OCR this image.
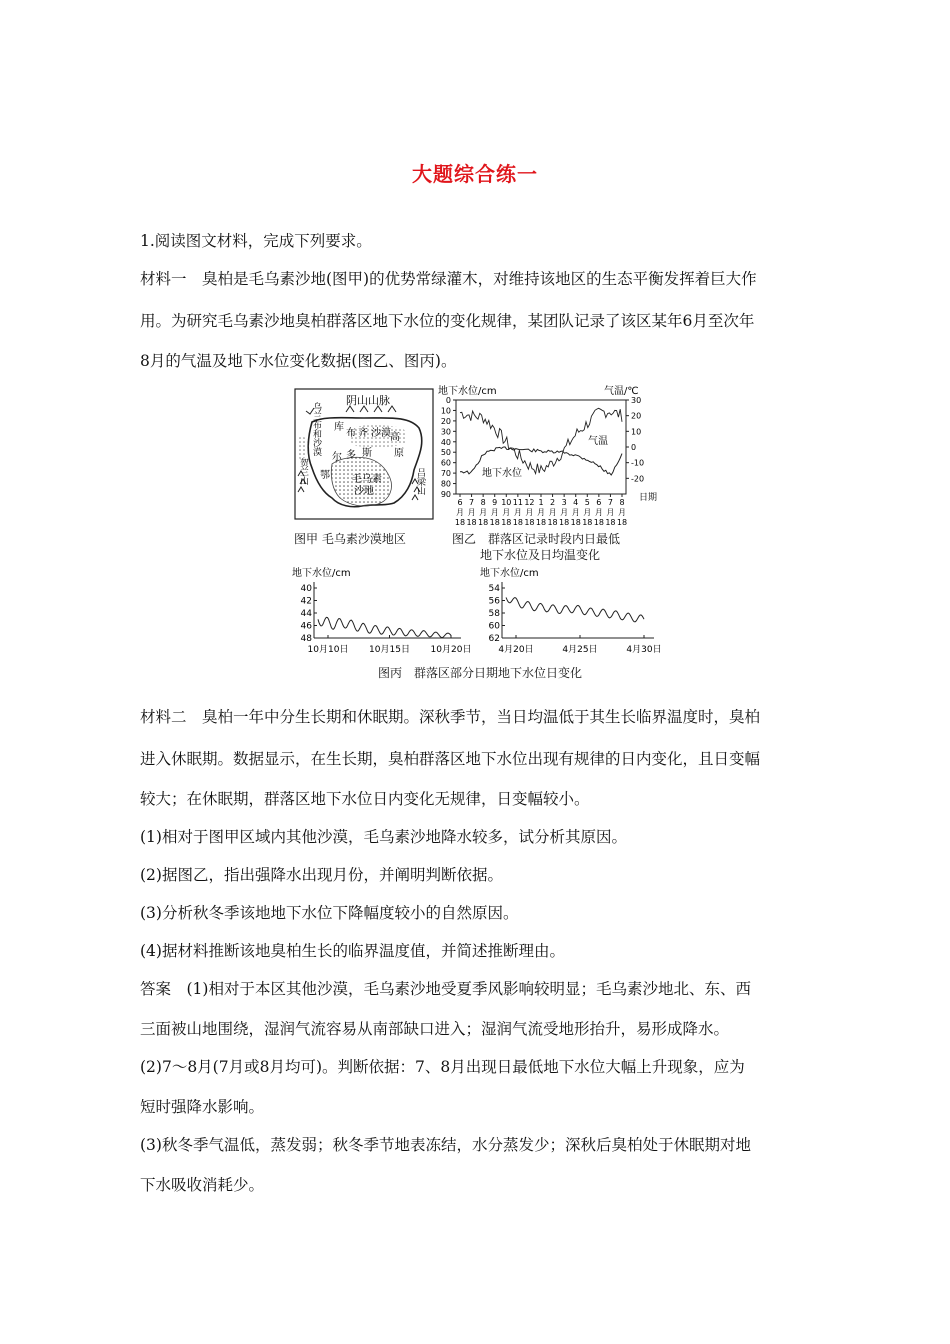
大题综合练一
1.阅读图文材料，完成下列要求。
材料一　臭柏是毛乌素沙地(图甲)的优势常绿灌木，对维持该地区的生态平衡发挥着巨大作
用。为研究毛乌素沙地臭柏群落区地下水位的变化规律，某团队记录了该区某年6月至次年
8月的气温及地下水位变化数据(图乙、图丙)。
阴山山脉
库
布 齐 沙漠
鄂
尔 多 斯
高
原
毛乌素
沙地
乌兰布和沙漠
贺兰山	吕梁山
图甲 毛乌素沙漠地区
地下水位/cm	气温/℃
气温
地下水位
日期
0
10
20
30
40
50
60
70
80
90
30
20
10
0
-10
-20
6
月
18
7
月
18
8
月
18
9
月
18
10
月
18
11
月
18
12
月
18
1
月
18
2
月
18
3
月
18
4
月
18
5
月
18
6
月
18
7
月
18
8
月
18
图乙　群落区记录时段内日最低
地下水位及日均温变化
地下水位/cm
40
42
44
46
48
10月10日 10月15日 10月20日
地下水位/cm
54
56
58
60
62
4月20日	4月25日	4月30日
图丙　群落区部分日期地下水位日变化
材料二　臭柏一年中分生长期和休眠期。深秋季节，当日均温低于其生长临界温度时，臭柏
进入休眠期。数据显示，在生长期，臭柏群落区地下水位出现有规律的日内变化，且日变幅
较大；在休眠期，群落区地下水位日内变化无规律，日变幅较小。
(1)相对于图甲区域内其他沙漠，毛乌素沙地降水较多，试分析其原因。
(2)据图乙，指出强降水出现月份，并阐明判断依据。
(3)分析秋冬季该地地下水位下降幅度较小的自然原因。
(4)据材料推断该地臭柏生长的临界温度值，并简述推断理由。
答案　(1)相对于本区其他沙漠，毛乌素沙地受夏季风影响较明显；毛乌素沙地北、东、西
三面被山地围绕，湿润气流容易从南部缺口进入；湿润气流受地形抬升，易形成降水。
(2)7～8月(7月或8月均可)。判断依据：7、8月出现日最低地下水位大幅上升现象，应为
短时强降水影响。
(3)秋冬季气温低，蒸发弱；秋冬季节地表冻结，水分蒸发少；深秋后臭柏处于休眠期对地
下水吸收消耗少。
